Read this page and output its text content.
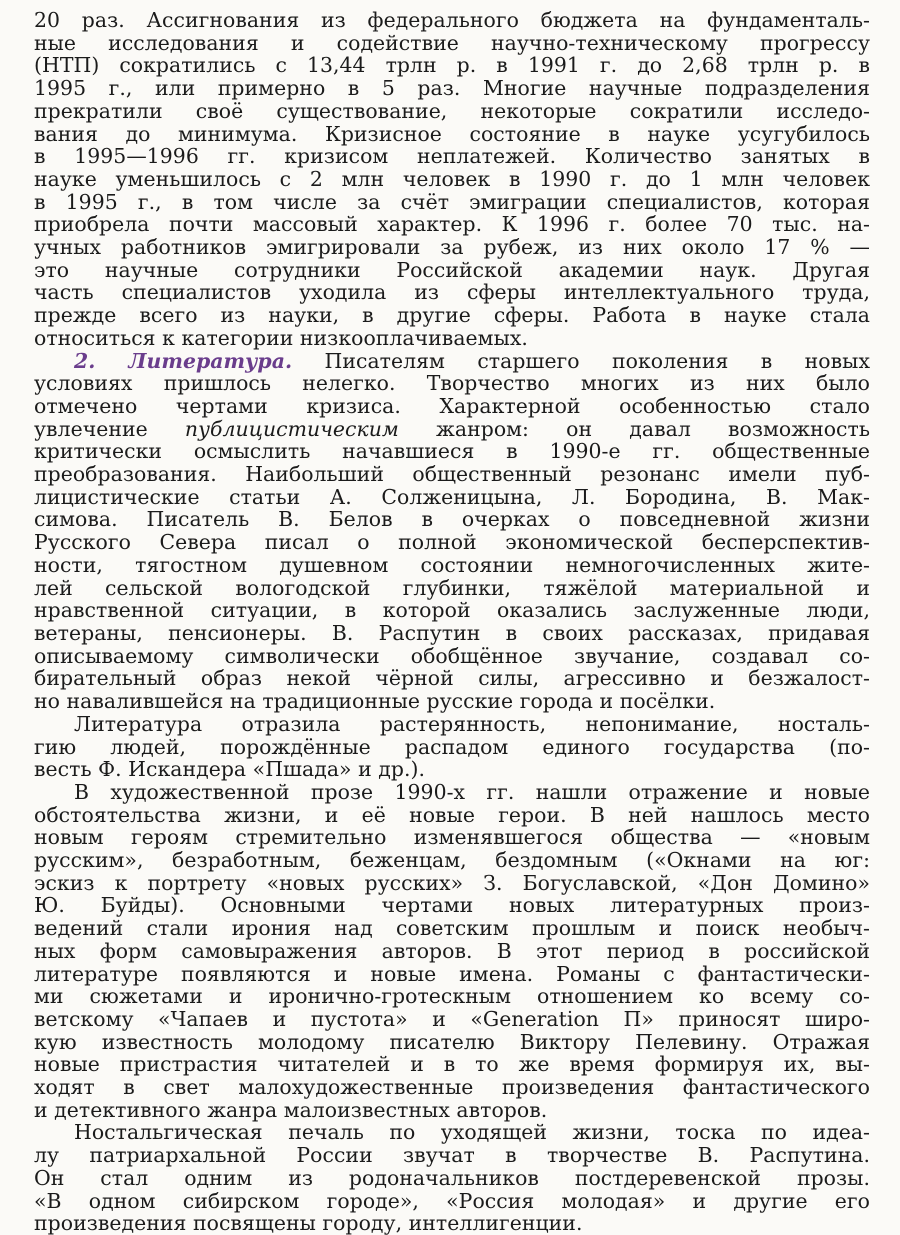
20 раз. Ассигнования из федерального бюджета на фундаменталь-
ные исследования и содействие научно-техническому прогрессу
(НТП) сократились с 13,44 трлн р. в 1991 г. до 2,68 трлн р. в
1995 г., или примерно в 5 раз. Многие научные подразделения
прекратили своё существование, некоторые сократили исследо-
вания до минимума. Кризисное состояние в науке усугубилось
в 1995—1996 гг. кризисом неплатежей. Количество занятых в
науке уменьшилось с 2 млн человек в 1990 г. до 1 млн человек
в 1995 г., в том числе за счёт эмиграции специалистов, которая
приобрела почти массовый характер. К 1996 г. более 70 тыс. на-
учных работников эмигрировали за рубеж, из них около 17 % —
это научные сотрудники Российской академии наук. Другая
часть специалистов уходила из сферы интеллектуального труда,
прежде всего из науки, в другие сферы. Работа в науке стала
относиться к категории низкооплачиваемых.

2. Литература. Писателям старшего поколения в новых
условиях пришлось нелегко. Творчество многих из них было
отмечено чертами кризиса. Характерной особенностью стало
увлечение публицистическим жанром: он давал возможность
критически осмыслить начавшиеся в 1990-е гг. общественные
преобразования. Наибольший общественный резонанс имели пуб-
лицистические статьи А. Солженицына, Л. Бородина, В. Мак-
симова. Писатель В. Белов в очерках о повседневной жизни
Русского Севера писал о полной экономической бесперспектив-
ности, тягостном душевном состоянии немногочисленных жите-
лей сельской вологодской глубинки, тяжёлой материальной и
нравственной ситуации, в которой оказались заслуженные люди,
ветераны, пенсионеры. В. Распутин в своих рассказах, придавая
описываемому символически обобщённое звучание, создавал со-
бирательный образ некой чёрной силы, агрессивно и безжалост-
но навалившейся на традиционные русские города и посёлки.

Литература отразила растерянность, непонимание, носталь-
гию людей, порождённые распадом единого государства (по-
весть Ф. Искандера «Пшада» и др.).

В художественной прозе 1990-х гг. нашли отражение и новые
обстоятельства жизни, и её новые герои. В ней нашлось место
новым героям стремительно изменявшегося общества — «новым
русским», безработным, беженцам, бездомным («Окнами на юг:
эскиз к портрету «новых русских» З. Богуславской, «Дон Домино»
Ю. Буйды). Основными чертами новых литературных произ-
ведений стали ирония над советским прошлым и поиск необыч-
ных форм самовыражения авторов. В этот период в российской
литературе появляются и новые имена. Романы с фантастически-
ми сюжетами и иронично-гротескным отношением ко всему со-
ветскому «Чапаев и пустота» и «Generation П» приносят широ-
кую известность молодому писателю Виктору Пелевину. Отражая
новые пристрастия читателей и в то же время формируя их, вы-
ходят в свет малохудожественные произведения фантастического
и детективного жанра малоизвестных авторов.

Ностальгическая печаль по уходящей жизни, тоска по идеа-
лу патриархальной России звучат в творчестве В. Распутина.
Он стал одним из родоначальников постдеревенской прозы.
«В одном сибирском городе», «Россия молодая» и другие его
произведения посвящены городу, интеллигенции.
